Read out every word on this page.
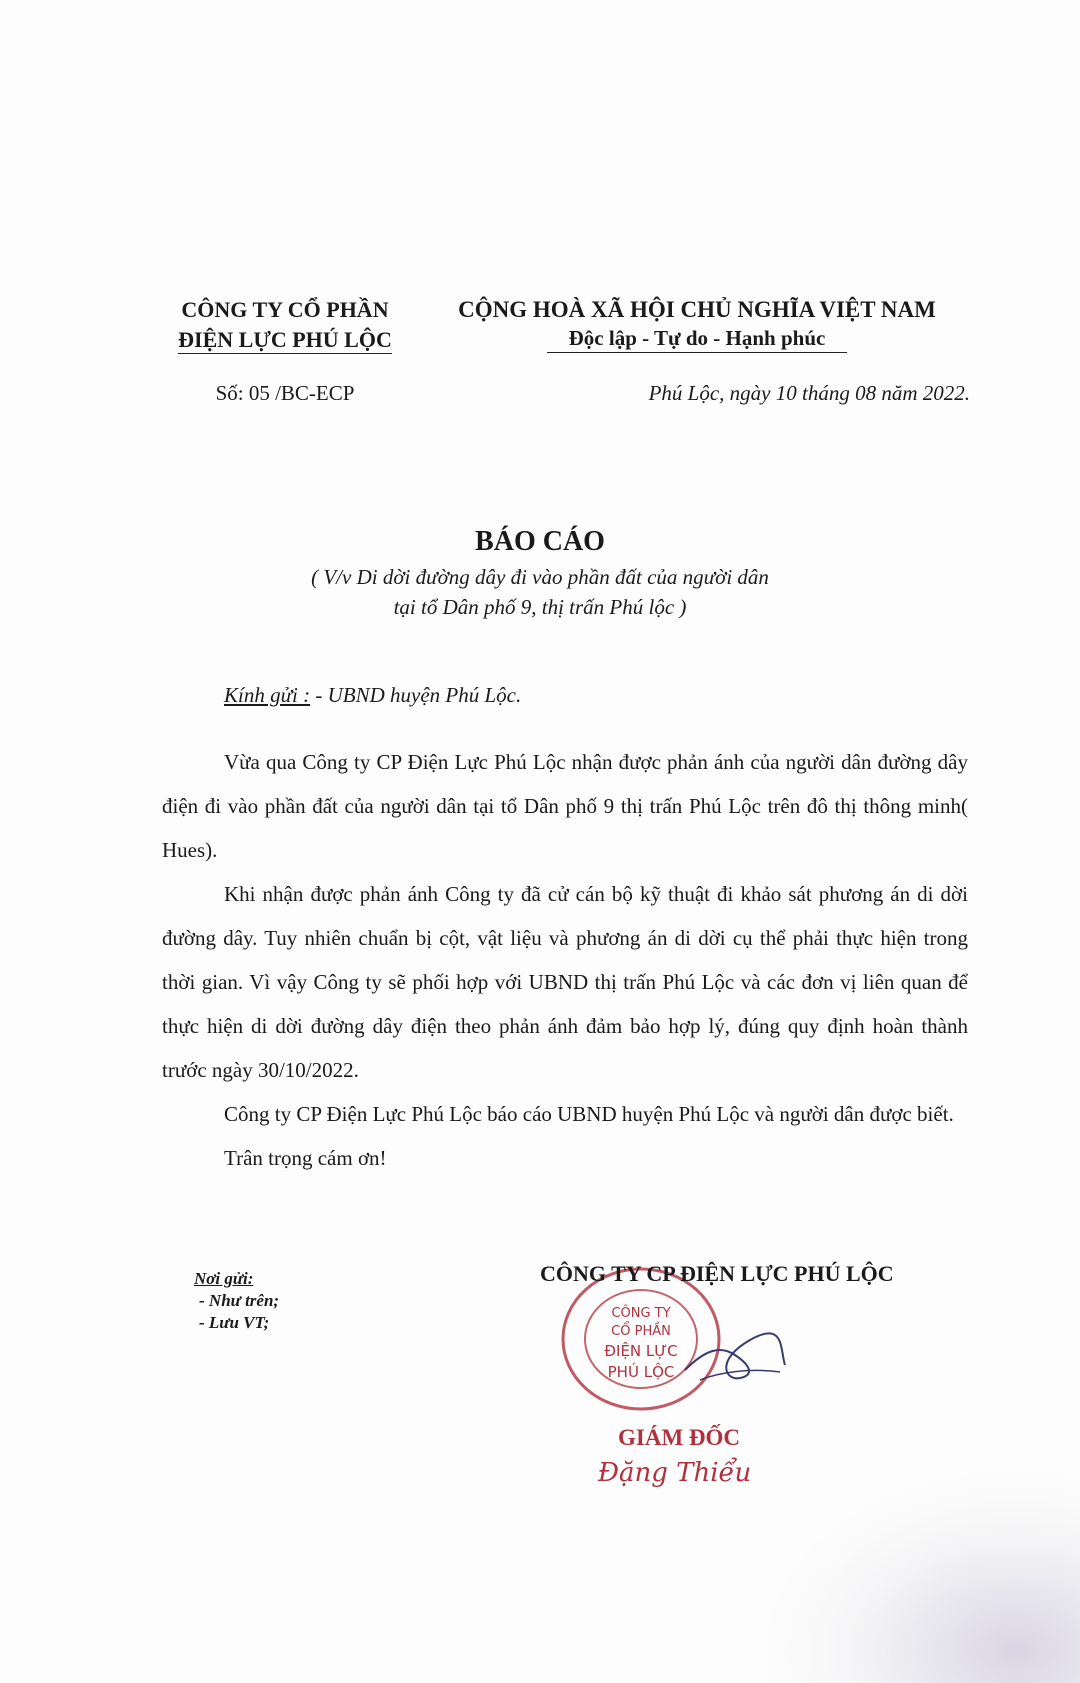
CÔNG TY CỔ PHẦN
ĐIỆN LỰC PHÚ LỘC
CỘNG HOÀ XÃ HỘI CHỦ NGHĨA VIỆT NAM
Độc lập - Tự do - Hạnh phúc
Số: 05 /BC-ECP	Phú Lộc, ngày 10 tháng 08 năm 2022.
BÁO CÁO
( V/v Di dời đường dây đi vào phần đất của người dân
tại tổ Dân phố 9, thị trấn Phú lộc )
Kính gửi : - UBND huyện Phú Lộc.

Vừa qua Công ty CP Điện Lực Phú Lộc nhận được phản ánh của người dân đường dây điện đi vào phần đất của người dân tại tổ Dân phố 9 thị trấn Phú Lộc trên đô thị thông minh( Hues).

Khi nhận được phản ánh Công ty đã cử cán bộ kỹ thuật đi khảo sát phương án di dời đường dây. Tuy nhiên chuẩn bị cột, vật liệu và phương án di dời cụ thể phải thực hiện trong thời gian. Vì vậy Công ty sẽ phối hợp với UBND thị trấn Phú Lộc và các đơn vị liên quan để thực hiện di dời đường dây điện theo phản ánh đảm bảo hợp lý, đúng quy định hoàn thành trước ngày 30/10/2022.

Công ty CP Điện Lực Phú Lộc báo cáo UBND huyện Phú Lộc và người dân được biết.

Trân trọng cám ơn!

Nơi gửi:
- Như trên;
- Lưu VT;	CÔNG TY
CỔ PHẦN
ĐIỆN LỰC
PHÚ LỘC
CÔNG TY CP ĐIỆN LỰC PHÚ LỘC
GIÁM ĐỐC
Đặng Thiểu
